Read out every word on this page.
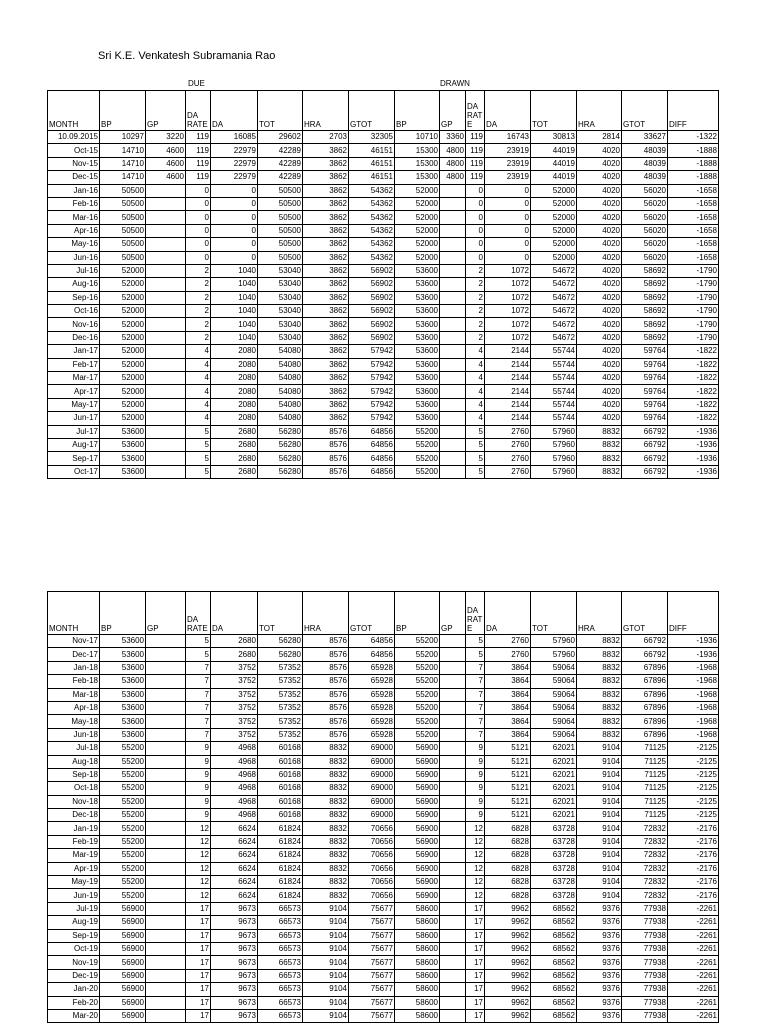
Sri K.E. Venkatesh Subramania Rao
DUE	DRAWN
MONTH	BP	GP	DA RATE	DA	TOT	HRA	GTOT	BP	GP	DA RAT E	DA	TOT	HRA	GTOT	DIFF
10.09.2015	10297	3220	119	16085	29602	2703	32305	10710	3360	119	16743	30813	2814	33627	-1322
Oct-15	14710	4600	119	22979	42289	3862	46151	15300	4800	119	23919	44019	4020	48039	-1888
Nov-15	14710	4600	119	22979	42289	3862	46151	15300	4800	119	23919	44019	4020	48039	-1888
Dec-15	14710	4600	119	22979	42289	3862	46151	15300	4800	119	23919	44019	4020	48039	-1888
Jan-16	50500		0	0	50500	3862	54362	52000		0	0	52000	4020	56020	-1658
Feb-16	50500		0	0	50500	3862	54362	52000		0	0	52000	4020	56020	-1658
Mar-16	50500		0	0	50500	3862	54362	52000		0	0	52000	4020	56020	-1658
Apr-16	50500		0	0	50500	3862	54362	52000		0	0	52000	4020	56020	-1658
May-16	50500		0	0	50500	3862	54362	52000		0	0	52000	4020	56020	-1658
Jun-16	50500		0	0	50500	3862	54362	52000		0	0	52000	4020	56020	-1658
Jul-16	52000		2	1040	53040	3862	56902	53600		2	1072	54672	4020	58692	-1790
Aug-16	52000		2	1040	53040	3862	56902	53600		2	1072	54672	4020	58692	-1790
Sep-16	52000		2	1040	53040	3862	56902	53600		2	1072	54672	4020	58692	-1790
Oct-16	52000		2	1040	53040	3862	56902	53600		2	1072	54672	4020	58692	-1790
Nov-16	52000		2	1040	53040	3862	56902	53600		2	1072	54672	4020	58692	-1790
Dec-16	52000		2	1040	53040	3862	56902	53600		2	1072	54672	4020	58692	-1790
Jan-17	52000		4	2080	54080	3862	57942	53600		4	2144	55744	4020	59764	-1822
Feb-17	52000		4	2080	54080	3862	57942	53600		4	2144	55744	4020	59764	-1822
Mar-17	52000		4	2080	54080	3862	57942	53600		4	2144	55744	4020	59764	-1822
Apr-17	52000		4	2080	54080	3862	57942	53600		4	2144	55744	4020	59764	-1822
May-17	52000		4	2080	54080	3862	57942	53600		4	2144	55744	4020	59764	-1822
Jun-17	52000		4	2080	54080	3862	57942	53600		4	2144	55744	4020	59764	-1822
Jul-17	53600		5	2680	56280	8576	64856	55200		5	2760	57960	8832	66792	-1936
Aug-17	53600		5	2680	56280	8576	64856	55200		5	2760	57960	8832	66792	-1936
Sep-17	53600		5	2680	56280	8576	64856	55200		5	2760	57960	8832	66792	-1936
Oct-17	53600		5	2680	56280	8576	64856	55200		5	2760	57960	8832	66792	-1936
MONTH	BP	GP	DA RATE	DA	TOT	HRA	GTOT	BP	GP	DA RAT E	DA	TOT	HRA	GTOT	DIFF
Nov-17	53600		5	2680	56280	8576	64856	55200		5	2760	57960	8832	66792	-1936
Dec-17	53600		5	2680	56280	8576	64856	55200		5	2760	57960	8832	66792	-1936
Jan-18	53600		7	3752	57352	8576	65928	55200		7	3864	59064	8832	67896	-1968
Feb-18	53600		7	3752	57352	8576	65928	55200		7	3864	59064	8832	67896	-1968
Mar-18	53600		7	3752	57352	8576	65928	55200		7	3864	59064	8832	67896	-1968
Apr-18	53600		7	3752	57352	8576	65928	55200		7	3864	59064	8832	67896	-1968
May-18	53600		7	3752	57352	8576	65928	55200		7	3864	59064	8832	67896	-1968
Jun-18	53600		7	3752	57352	8576	65928	55200		7	3864	59064	8832	67896	-1968
Jul-18	55200		9	4968	60168	8832	69000	56900		9	5121	62021	9104	71125	-2125
Aug-18	55200		9	4968	60168	8832	69000	56900		9	5121	62021	9104	71125	-2125
Sep-18	55200		9	4968	60168	8832	69000	56900		9	5121	62021	9104	71125	-2125
Oct-18	55200		9	4968	60168	8832	69000	56900		9	5121	62021	9104	71125	-2125
Nov-18	55200		9	4968	60168	8832	69000	56900		9	5121	62021	9104	71125	-2125
Dec-18	55200		9	4968	60168	8832	69000	56900		9	5121	62021	9104	71125	-2125
Jan-19	55200		12	6624	61824	8832	70656	56900		12	6828	63728	9104	72832	-2176
Feb-19	55200		12	6624	61824	8832	70656	56900		12	6828	63728	9104	72832	-2176
Mar-19	55200		12	6624	61824	8832	70656	56900		12	6828	63728	9104	72832	-2176
Apr-19	55200		12	6624	61824	8832	70656	56900		12	6828	63728	9104	72832	-2176
May-19	55200		12	6624	61824	8832	70656	56900		12	6828	63728	9104	72832	-2176
Jun-19	55200		12	6624	61824	8832	70656	56900		12	6828	63728	9104	72832	-2176
Jul-19	56900		17	9673	66573	9104	75677	58600		17	9962	68562	9376	77938	-2261
Aug-19	56900		17	9673	66573	9104	75677	58600		17	9962	68562	9376	77938	-2261
Sep-19	56900		17	9673	66573	9104	75677	58600		17	9962	68562	9376	77938	-2261
Oct-19	56900		17	9673	66573	9104	75677	58600		17	9962	68562	9376	77938	-2261
Nov-19	56900		17	9673	66573	9104	75677	58600		17	9962	68562	9376	77938	-2261
Dec-19	56900		17	9673	66573	9104	75677	58600		17	9962	68562	9376	77938	-2261
Jan-20	56900		17	9673	66573	9104	75677	58600		17	9962	68562	9376	77938	-2261
Feb-20	56900		17	9673	66573	9104	75677	58600		17	9962	68562	9376	77938	-2261
Mar-20	56900		17	9673	66573	9104	75677	58600		17	9962	68562	9376	77938	-2261
